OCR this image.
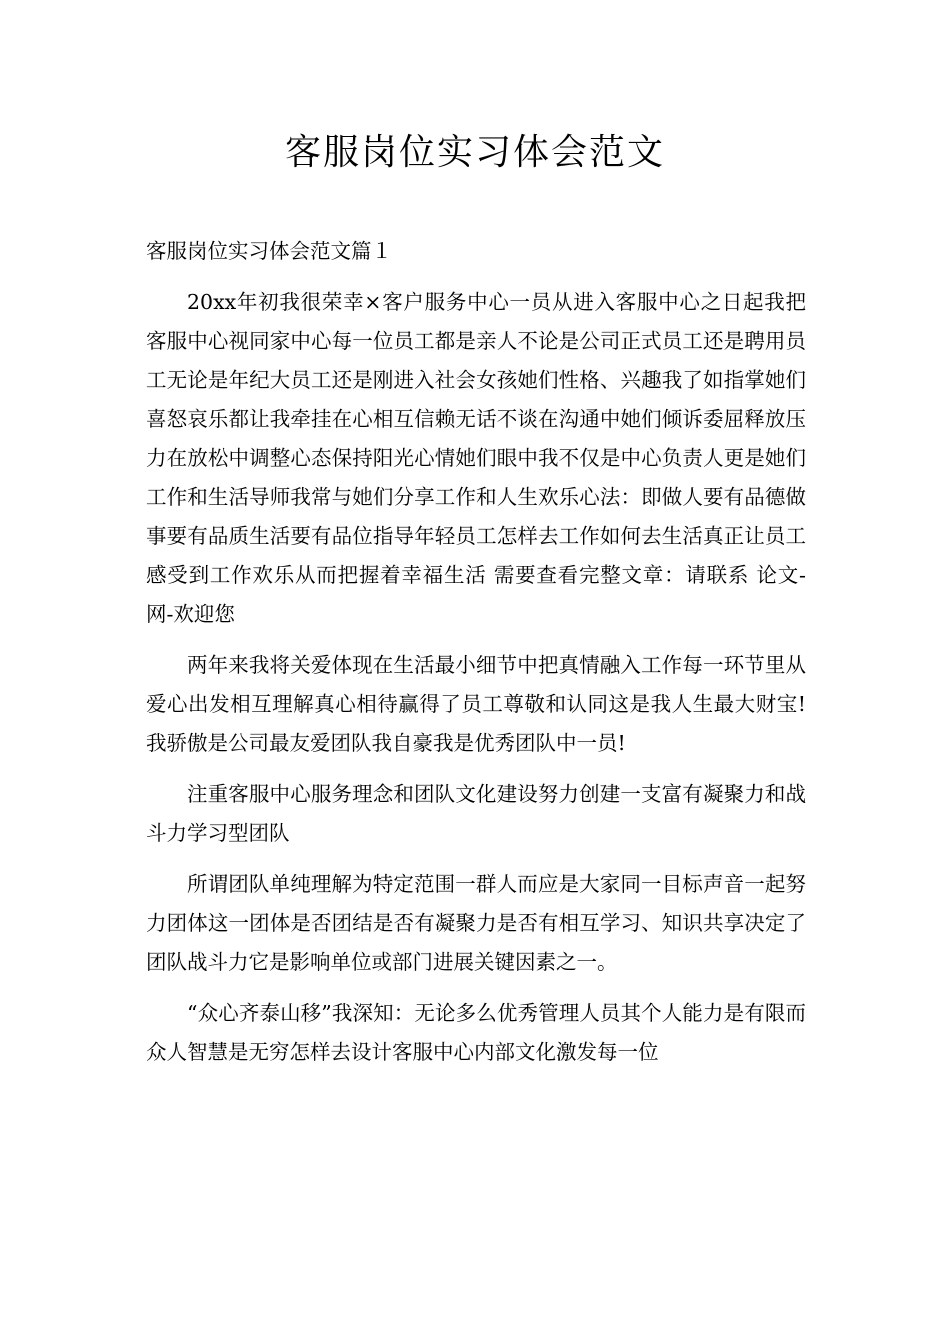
客服岗位实习体会范文

客服岗位实习体会范文篇１

20xx年初我很荣幸×客户服务中心一员从进入客服中心之日起我把客服中心视同家中心每一位员工都是亲人不论是公司正式员工还是聘用员工无论是年纪大员工还是刚进入社会女孩她们性格、兴趣我了如指掌她们喜怒哀乐都让我牵挂在心相互信赖无话不谈在沟通中她们倾诉委屈释放压力在放松中调整心态保持阳光心情她们眼中我不仅是中心负责人更是她们工作和生活导师我常与她们分享工作和人生欢乐心法：即做人要有品德做事要有品质生活要有品位指导年轻员工怎样去工作如何去生活真正让员工感受到工作欢乐从而把握着幸福生活 需要查看完整文章：请联系 论文-网-欢迎您

两年来我将关爱体现在生活最小细节中把真情融入工作每一环节里从爱心出发相互理解真心相待赢得了员工尊敬和认同这是我人生最大财宝!我骄傲是公司最友爱团队我自豪我是优秀团队中一员!

注重客服中心服务理念和团队文化建设努力创建一支富有凝聚力和战斗力学习型团队

所谓团队单纯理解为特定范围一群人而应是大家同一目标声音一起努力团体这一团体是否团结是否有凝聚力是否有相互学习、知识共享决定了团队战斗力它是影响单位或部门进展关键因素之一。

“众心齐泰山移”我深知：无论多么优秀管理人员其个人能力是有限而众人智慧是无穷怎样去设计客服中心内部文化激发每一位
